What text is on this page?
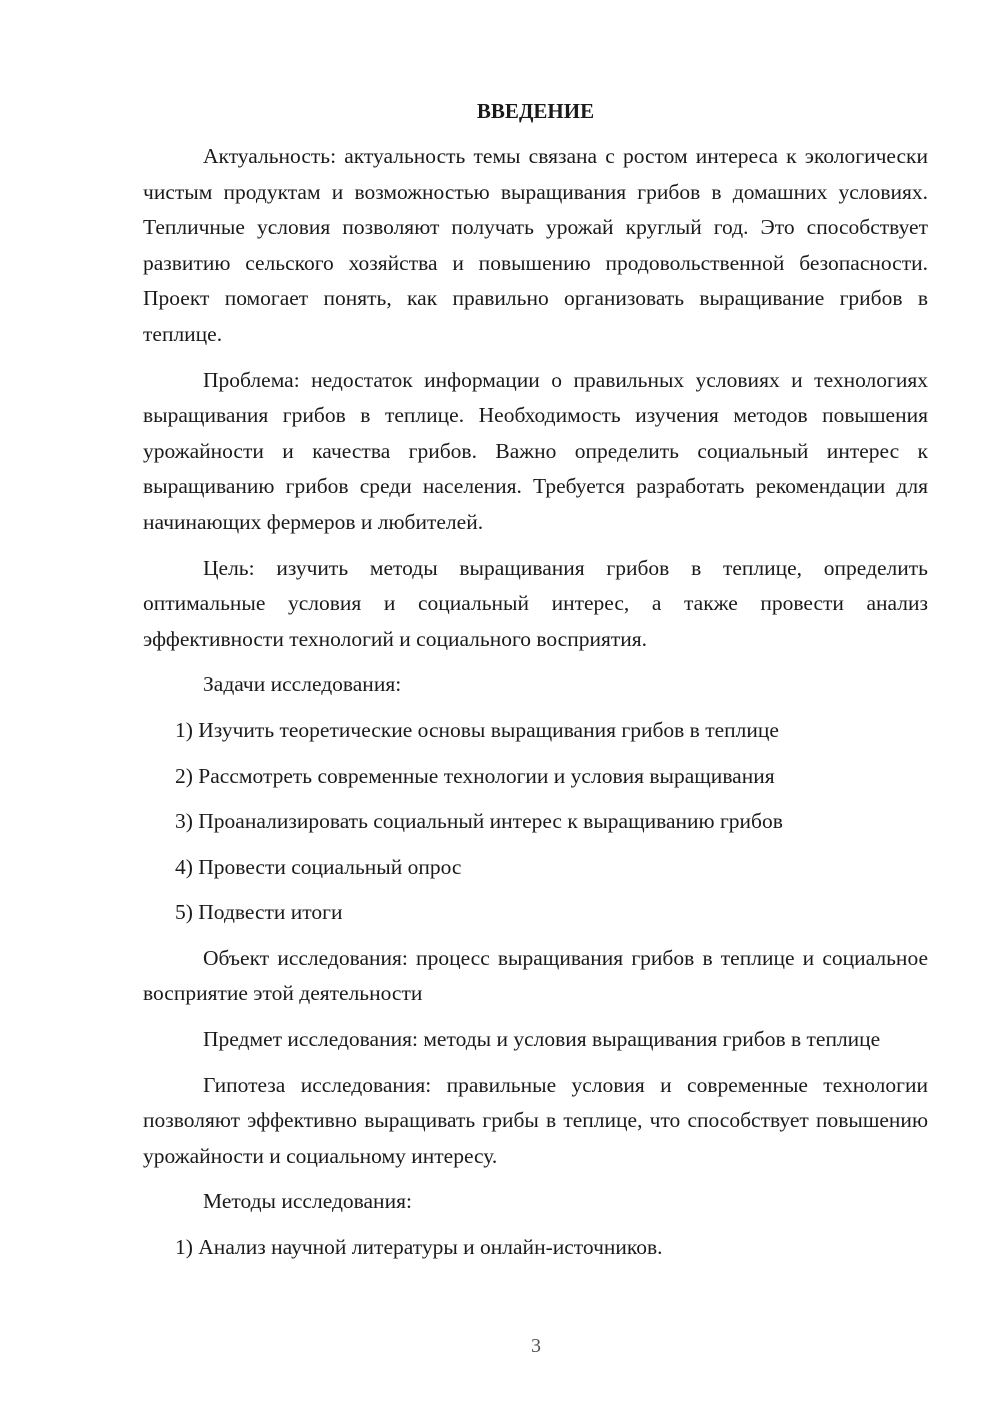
ВВЕДЕНИЕ

Актуальность: актуальность темы связана с ростом интереса к экологически чистым продуктам и возможностью выращивания грибов в домашних условиях. Тепличные условия позволяют получать урожай круглый год. Это способствует развитию сельского хозяйства и повышению продовольственной безопасности. Проект помогает понять, как правильно организовать выращивание грибов в теплице.

Проблема: недостаток информации о правильных условиях и технологиях выращивания грибов в теплице. Необходимость изучения методов повышения урожайности и качества грибов. Важно определить социальный интерес к выращиванию грибов среди населения. Требуется разработать рекомендации для начинающих фермеров и любителей.

Цель: изучить методы выращивания грибов в теплице, определить оптимальные условия и социальный интерес, а также провести анализ эффективности технологий и социального восприятия.

Задачи исследования:

1) Изучить теоретические основы выращивания грибов в теплице

2) Рассмотреть современные технологии и условия выращивания

3) Проанализировать социальный интерес к выращиванию грибов

4) Провести социальный опрос

5) Подвести итоги

Объект исследования: процесс выращивания грибов в теплице и социальное восприятие этой деятельности

Предмет исследования: методы и условия выращивания грибов в теплице

Гипотеза исследования: правильные условия и современные технологии позволяют эффективно выращивать грибы в теплице, что способствует повышению урожайности и социальному интересу.

Методы исследования:

1) Анализ научной литературы и онлайн-источников.

3
